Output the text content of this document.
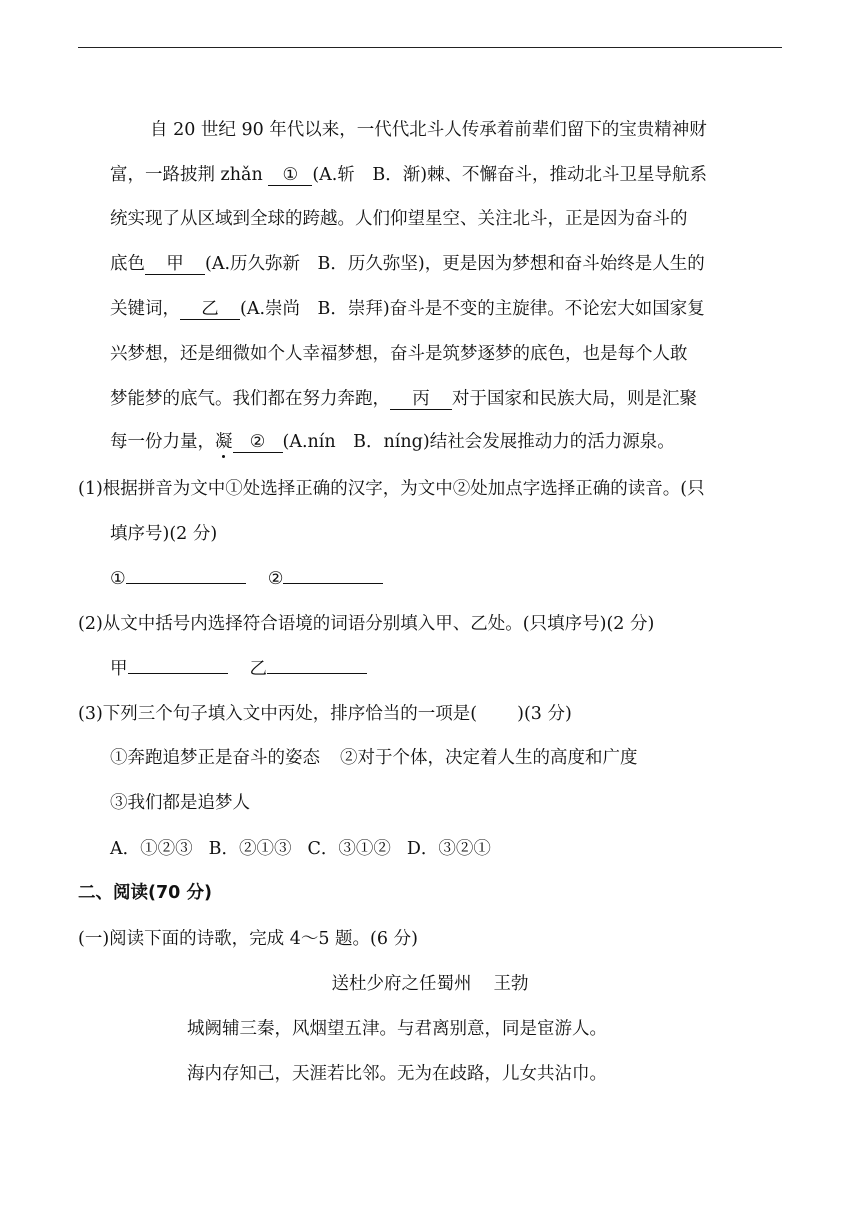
自 20 世纪 90 年代以来，一代代北斗人传承着前辈们留下的宝贵精神财
富，一路披荆 zhǎn ① (A.斩　B．渐)棘、不懈奋斗，推动北斗卫星导航系
统实现了从区域到全球的跨越。人们仰望星空、关注北斗，正是因为奋斗的
底色 甲 (A.历久弥新　B．历久弥坚)，更是因为梦想和奋斗始终是人生的
关键词， 乙 (A.崇尚　B．崇拜)奋斗是不变的主旋律。不论宏大如国家复
兴梦想，还是细微如个人幸福梦想，奋斗是筑梦逐梦的底色，也是每个人敢
梦能梦的底气。我们都在努力奔跑， 丙 对于国家和民族大局，则是汇聚
每一份力量，凝 ② (A.nín　B．níng)结社会发展推动力的活力源泉。
(1)根据拼音为文中①处选择正确的汉字，为文中②处加点字选择正确的读音。(只
填序号)(2 分)
①	②
(2)从文中括号内选择符合语境的词语分别填入甲、乙处。(只填序号)(2 分)
甲	乙
(3)下列三个句子填入文中丙处，排序恰当的一项是( )(3 分)
①奔跑追梦正是奋斗的姿态 ②对于个体，决定着人生的高度和广度
③我们都是追梦人
A．①②③ B．②①③ C．③①② D．③②①
二、阅读(70 分)
(一)阅读下面的诗歌，完成 4～5 题。(6 分)
送杜少府之任蜀州 王勃
城阙辅三秦，风烟望五津。与君离别意，同是宦游人。
海内存知己，天涯若比邻。无为在歧路，儿女共沾巾。
